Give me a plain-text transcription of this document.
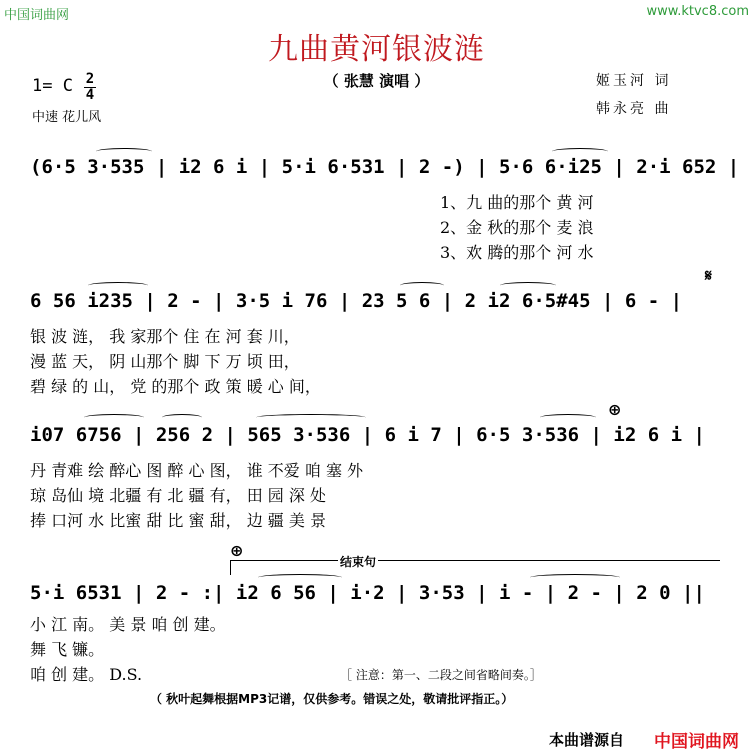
中国词曲网	www.ktvc8.com
九曲黄河银波涟
（ 张慧 演唱 ）
1= C $\frac{2}{4}$
中速 花儿风
姬玉河 词
韩永亮 曲
(6·5 3·535 | i2 6 i | 5·i 6·531 | 2 -) | 5·6 6·i25 | 2·i 652 |
1、九 曲的那个 黄 河
2、金 秋的那个 麦 浪
3、欢 腾的那个 河 水
𝄋
6 56 i235 | 2 - | 3·5 i 76 | 23 5 6 | 2 i2 6·5#45 | 6 - |
银 波 涟， 我 家那个 住 在 河 套 川，
漫 蓝 天， 阴 山那个 脚 下 万 顷 田，
碧 绿 的 山， 党 的那个 政 策 暖 心 间，
⊕
i07 6756 | 256 2 | 565 3·536 | 6 i 7 | 6·5 3·536 | i2 6 i |
丹 青难 绘 醉心 图 醉 心 图， 谁 不爱 咱 塞 外
琼 岛仙 境 北疆 有 北 疆 有， 田 园 深 处
捧 口河 水 比蜜 甜 比 蜜 甜， 边 疆 美 景
⊕
结束句
5·i 6531 | 2 - :| i2 6 56 | i·2 | 3·53 | i - | 2 - | 2 0 ||
小 江 南。 美 景 咱 创 建。
舞 飞 镰。
咱 创 建。 D.S.	［ 注意：第一、二段之间省略间奏。］
（ 秋叶起舞根据MP3记谱，仅供参考。错误之处，敬请批评指正。）
本曲谱源自 中国词曲网
